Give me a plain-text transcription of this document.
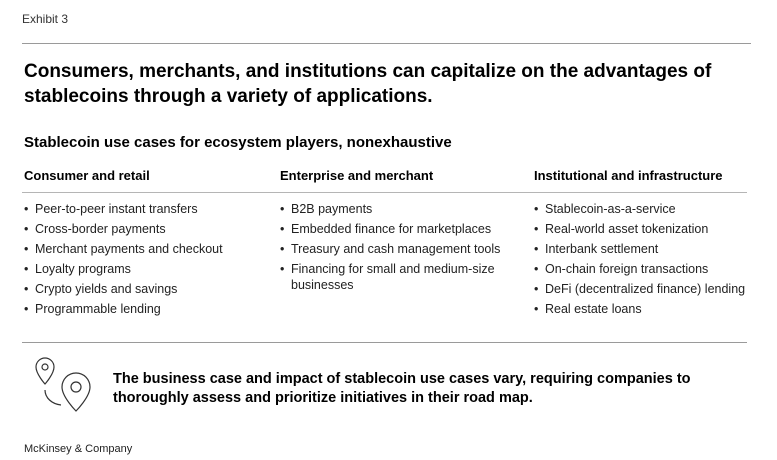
Exhibit 3
Consumers, merchants, and institutions can capitalize on the advantages of stablecoins through a variety of applications.
Stablecoin use cases for ecosystem players, nonexhaustive
Consumer and retail
• Peer-to-peer instant transfers
• Cross-border payments
• Merchant payments and checkout
• Loyalty programs
• Crypto yields and savings
• Programmable lending
Enterprise and merchant
• B2B payments
• Embedded finance for marketplaces
• Treasury and cash management tools
• Financing for small and medium-size businesses
Institutional and infrastructure
• Stablecoin-as-a-service
• Real-world asset tokenization
• Interbank settlement
• On-chain foreign transactions
• DeFi (decentralized finance) lending
• Real estate loans

The business case and impact of stablecoin use cases vary, requiring companies to thoroughly assess and prioritize initiatives in their road map.

McKinsey & Company
